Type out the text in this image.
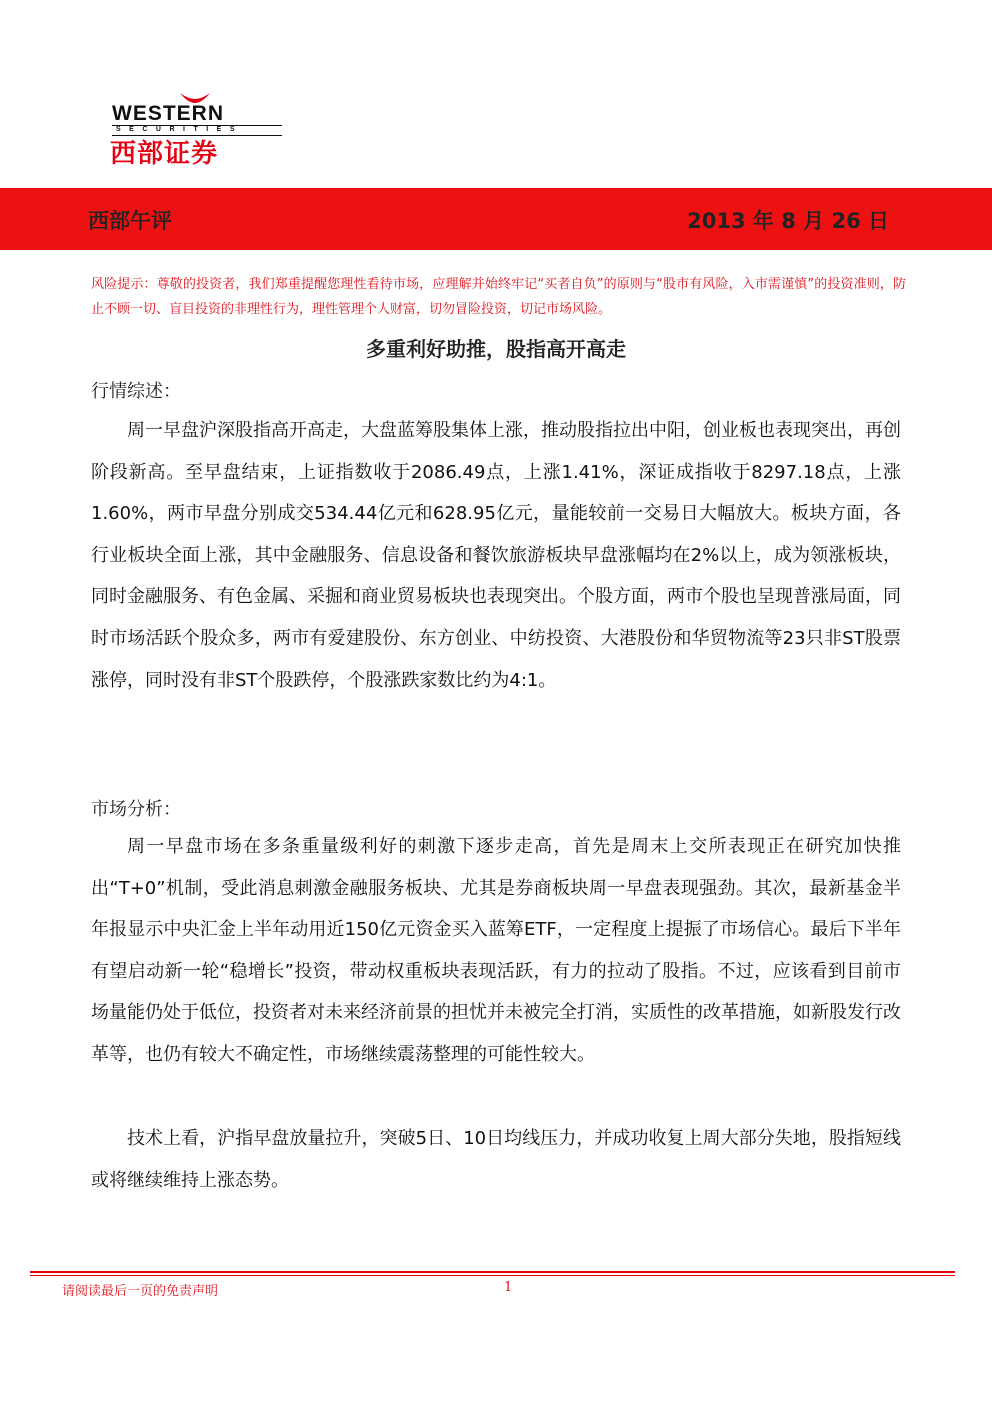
WESTERN
SECURITIES
西部证券
西部午评	2013 年 8 月 26 日
风险提示：尊敬的投资者，我们郑重提醒您理性看待市场，应理解并始终牢记“买者自负”的原则与“股市有风险，入市需谨慎”的投资准则，防止不顾一切、盲目投资的非理性行为，理性管理个人财富，切勿冒险投资，切记市场风险。
多重利好助推，股指高开高走
行情综述：

周一早盘沪深股指高开高走，大盘蓝筹股集体上涨，推动股指拉出中阳，创业板也表现突出，再创阶段新高。至早盘结束，上证指数收于2086.49点，上涨1.41%，深证成指收于8297.18点，上涨1.60%，两市早盘分别成交534.44亿元和628.95亿元，量能较前一交易日大幅放大。板块方面，各行业板块全面上涨，其中金融服务、信息设备和餐饮旅游板块早盘涨幅均在2%以上，成为领涨板块，同时金融服务、有色金属、采掘和商业贸易板块也表现突出。个股方面，两市个股也呈现普涨局面，同时市场活跃个股众多，两市有爱建股份、东方创业、中纺投资、大港股份和华贸物流等23只非ST股票涨停，同时没有非ST个股跌停，个股涨跌家数比约为4:1。

市场分析：

周一早盘市场在多条重量级利好的刺激下逐步走高，首先是周末上交所表现正在研究加快推出“T+0”机制，受此消息刺激金融服务板块、尤其是券商板块周一早盘表现强劲。其次，最新基金半年报显示中央汇金上半年动用近150亿元资金买入蓝筹ETF，一定程度上提振了市场信心。最后下半年有望启动新一轮“稳增长”投资，带动权重板块表现活跃，有力的拉动了股指。不过，应该看到目前市场量能仍处于低位，投资者对未来经济前景的担忧并未被完全打消，实质性的改革措施，如新股发行改革等，也仍有较大不确定性，市场继续震荡整理的可能性较大。

技术上看，沪指早盘放量拉升，突破5日、10日均线压力，并成功收复上周大部分失地，股指短线或将继续维持上涨态势。

请阅读最后一页的免责声明	1
